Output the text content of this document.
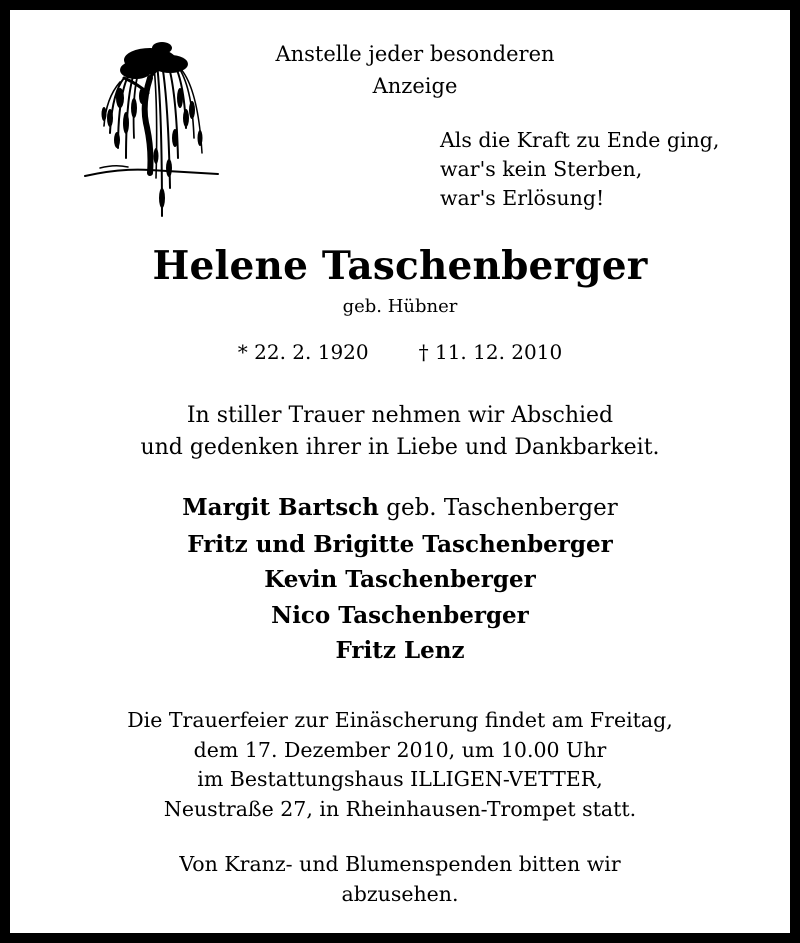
Anstelle jeder besonderen
Anzeige
Als die Kraft zu Ende ging,
war's kein Sterben,
war's Erlösung!
Helene Taschenberger
geb. Hübner
* 22. 2. 1920	† 11. 12. 2010
In stiller Trauer nehmen wir Abschied
und gedenken ihrer in Liebe und Dankbarkeit.
Margit Bartsch geb. Taschenberger
Fritz und Brigitte Taschenberger
Kevin Taschenberger
Nico Taschenberger
Fritz Lenz
Die Trauerfeier zur Einäscherung findet am Freitag,
dem 17. Dezember 2010, um 10.00 Uhr
im Bestattungshaus ILLIGEN-VETTER,
Neustraße 27, in Rheinhausen-Trompet statt.
Von Kranz- und Blumenspenden bitten wir
abzusehen.
